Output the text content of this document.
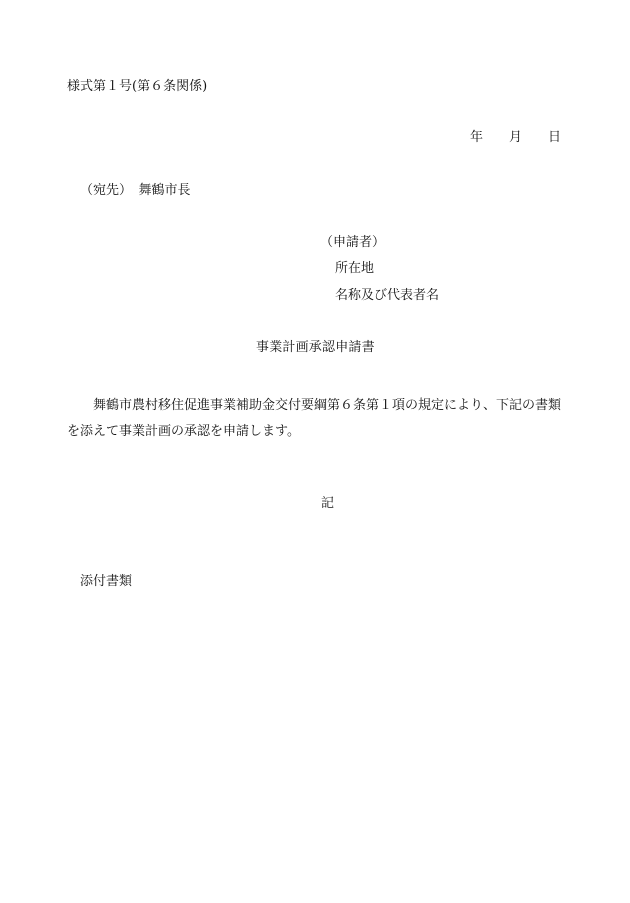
様式第１号(第６条関係)
年 月 日
（宛先）　舞鶴市長
（申請者）
所在地
名称及び代表者名
事業計画承認申請書
舞鶴市農村移住促進事業補助金交付要綱第６条第１項の規定により、下記の書類を添えて事業計画の承認を申請します。
記
添付書類
